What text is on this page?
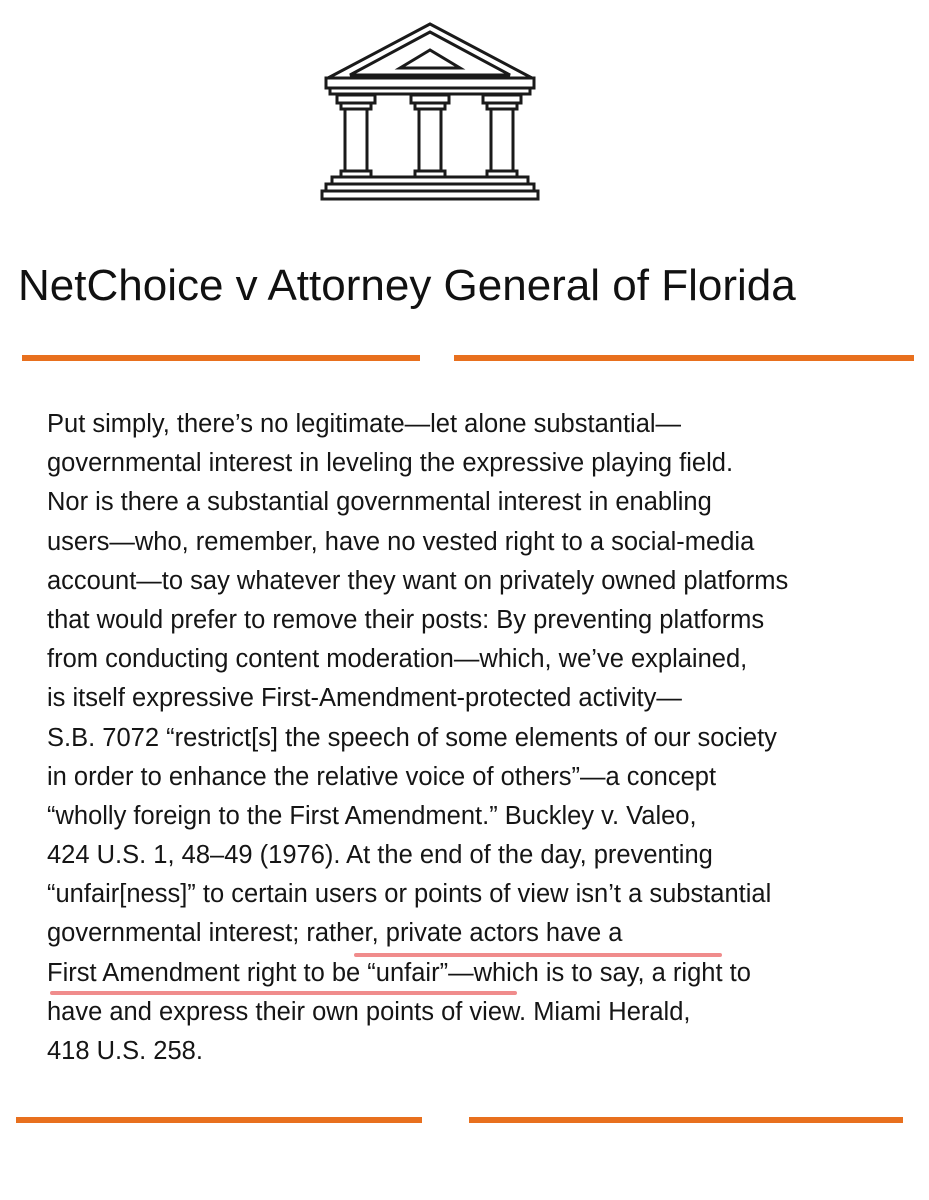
NetChoice v Attorney General of Florida
Put simply, there’s no legitimate—let alone substantial—
governmental interest in leveling the expressive playing field.
Nor is there a substantial governmental interest in enabling
users—who, remember, have no vested right to a social-media
account—to say whatever they want on privately owned platforms
that would prefer to remove their posts: By preventing platforms
from conducting content moderation—which, we’ve explained,
is itself expressive First-Amendment-protected activity—
S.B. 7072 “restrict[s] the speech of some elements of our society
in order to enhance the relative voice of others”—a concept
“wholly foreign to the First Amendment.” Buckley v. Valeo,
424 U.S. 1, 48–49 (1976). At the end of the day, preventing
“unfair[ness]” to certain users or points of view isn’t a substantial
governmental interest; rather, private actors have a
First Amendment right to be “unfair”—which is to say, a right to
have and express their own points of view. Miami Herald,
418 U.S. 258.
